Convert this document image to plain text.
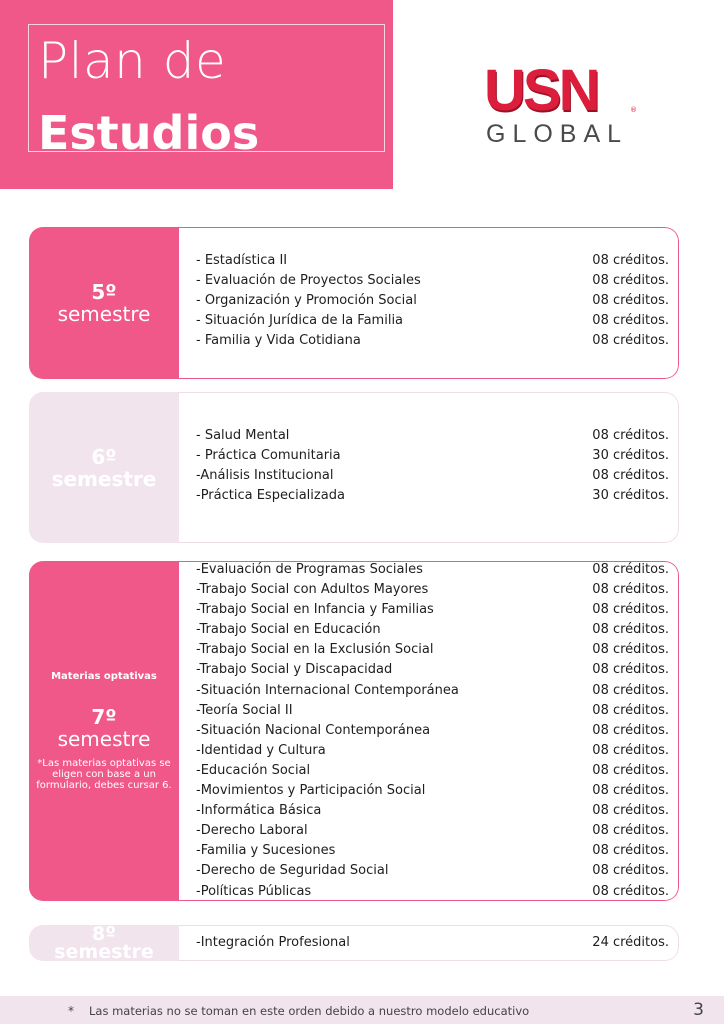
Plan de
Estudios
USN	®
GLOBAL
5º
semestre
- Estadística II	08 créditos.
- Evaluación de Proyectos Sociales	08 créditos.
- Organización y Promoción Social	08 créditos.
- Situación Jurídica de la Familia	08 créditos.
- Familia y Vida Cotidiana	08 créditos.
6º
semestre
- Salud Mental	08 créditos.
- Práctica Comunitaria	30 créditos.
-Análisis Institucional	08 créditos.
-Práctica Especializada	30 créditos.
Materias optativas
7º
semestre
*Las materias optativas se eligen con base a un formulario, debes cursar 6.
-Evaluación de Programas Sociales	08 créditos.
-Trabajo Social con Adultos Mayores	08 créditos.
-Trabajo Social en Infancia y Familias	08 créditos.
-Trabajo Social en Educación	08 créditos.
-Trabajo Social en la Exclusión Social	08 créditos.
-Trabajo Social y Discapacidad	08 créditos.
-Situación Internacional Contemporánea	08 créditos.
-Teoría Social II	08 créditos.
-Situación Nacional Contemporánea	08 créditos.
-Identidad y Cultura	08 créditos.
-Educación Social	08 créditos.
-Movimientos y Participación Social	08 créditos.
-Informática Básica	08 créditos.
-Derecho Laboral	08 créditos.
-Familia y Sucesiones	08 créditos.
-Derecho de Seguridad Social	08 créditos.
-Políticas Públicas	08 créditos.
8º
semestre	-Integración Profesional	24 créditos.
* Las materias no se toman en este orden debido a nuestro modelo educativo	3
